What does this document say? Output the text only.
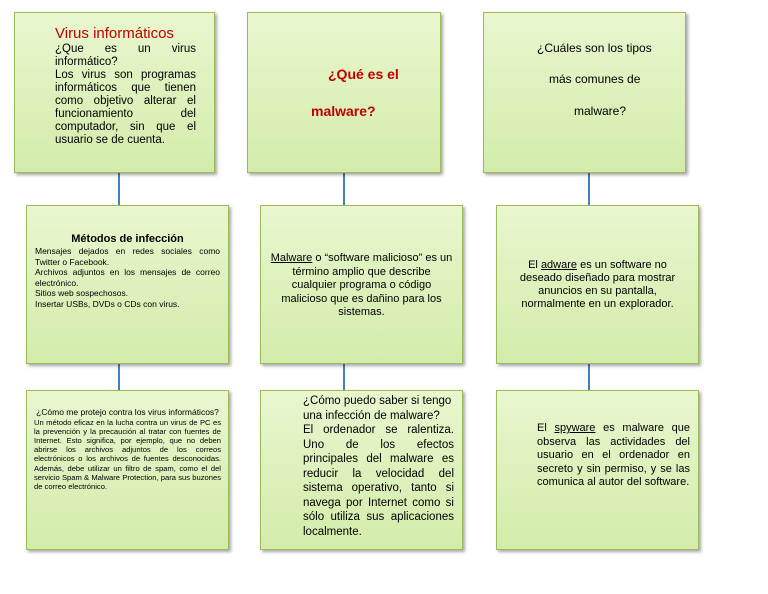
Virus informáticos

¿Que es un virus informático?

Los virus son programas informáticos que tienen como objetivo alterar el funcionamiento del computador, sin que el usuario se de cuenta.

Métodos de infección

Mensajes dejados en redes sociales como Twitter o Facebook.

Archivos adjuntos en los mensajes de correo electrónico.

Sitios web sospechosos.

Insertar USBs, DVDs o CDs con virus.

¿Cómo me protejo contra los virus informáticos?

Un método eficaz en la lucha contra un virus de PC es la prevención y la precaución al tratar con fuentes de Internet. Esto significa, por ejemplo, que no deben abrirse los archivos adjuntos de los correos electrónicos o los archivos de fuentes desconocidas. Además, debe utilizar un filtro de spam, como el del servicio Spam & Malware Protection, para sus buzones de correo electrónico.

¿Qué es el

malware?

Malware o “software malicioso” es un término amplio que describe cualquier programa o código malicioso que es dañino para los sistemas.

¿Cómo puedo saber si tengo una infección de malware?

El ordenador se ralentiza. Uno de los efectos principales del malware es reducir la velocidad del sistema operativo, tanto si navega por Internet como si sólo utiliza sus aplicaciones localmente.

¿Cuáles son los tipos

más comunes de

malware?

El adware es un software no deseado diseñado para mostrar anuncios en su pantalla, normalmente en un explorador.

El spyware es malware que observa las actividades del usuario en el ordenador en secreto y sin permiso, y se las comunica al autor del software.
